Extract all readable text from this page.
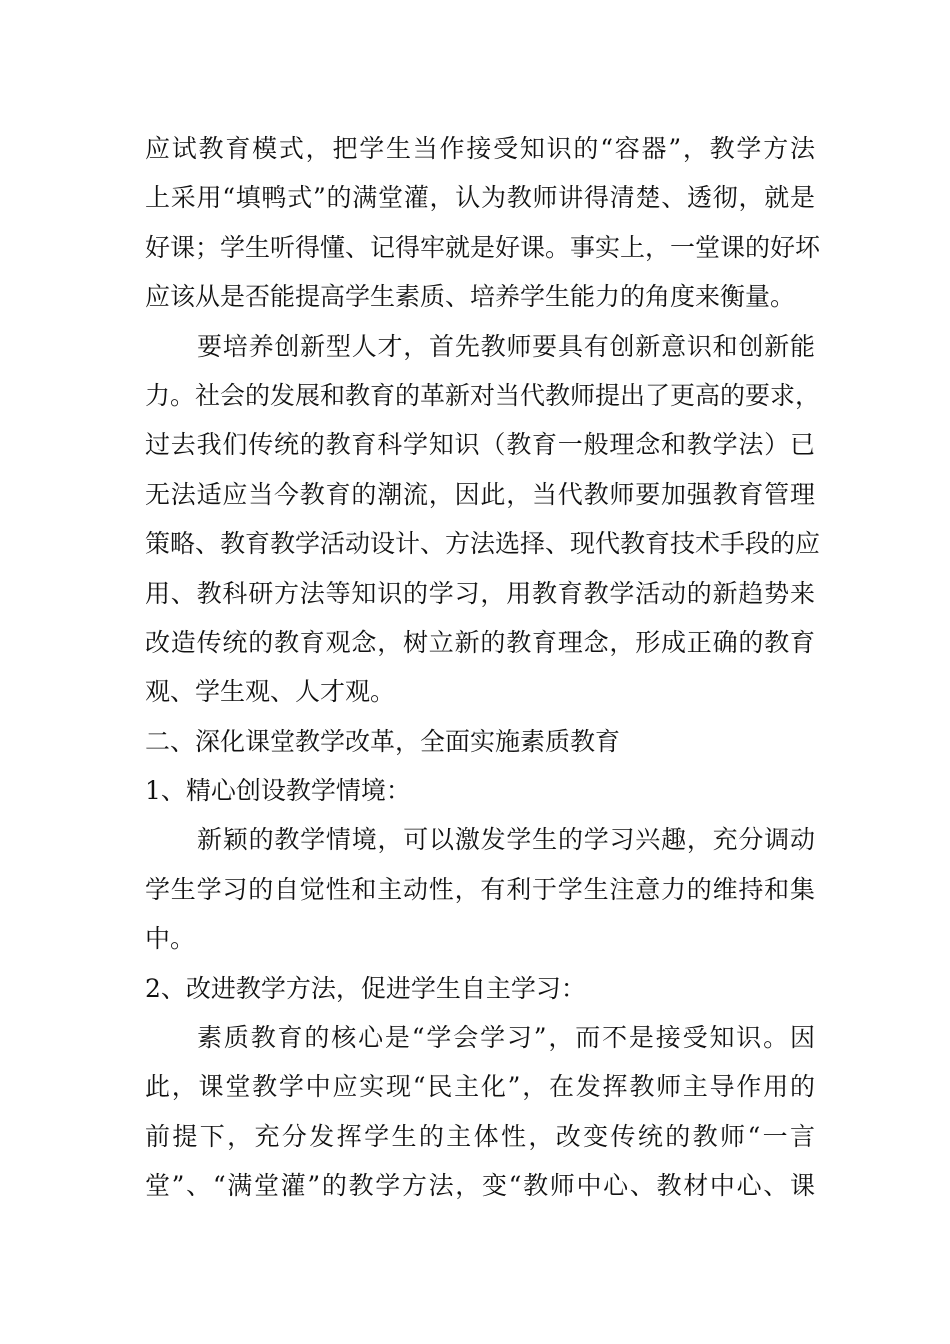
应试教育模式，把学生当作接受知识的“容器”，教学方法
上采用“填鸭式”的满堂灌，认为教师讲得清楚、透彻，就是
好课；学生听得懂、记得牢就是好课。事实上，一堂课的好坏
应该从是否能提高学生素质、培养学生能力的角度来衡量。
要培养创新型人才，首先教师要具有创新意识和创新能
力。社会的发展和教育的革新对当代教师提出了更高的要求，
过去我们传统的教育科学知识（教育一般理念和教学法）已
无法适应当今教育的潮流，因此，当代教师要加强教育管理
策略、教育教学活动设计、方法选择、现代教育技术手段的应
用、教科研方法等知识的学习，用教育教学活动的新趋势来
改造传统的教育观念，树立新的教育理念，形成正确的教育
观、学生观、人才观。
二、深化课堂教学改革，全面实施素质教育
1、精心创设教学情境：
新颖的教学情境，可以激发学生的学习兴趣，充分调动
学生学习的自觉性和主动性，有利于学生注意力的维持和集
中。
2、改进教学方法，促进学生自主学习：
素质教育的核心是“学会学习”，而不是接受知识。因
此，课堂教学中应实现“民主化”，在发挥教师主导作用的
前提下，充分发挥学生的主体性，改变传统的教师“一言
堂”、“满堂灌”的教学方法，变“教师中心、教材中心、课
